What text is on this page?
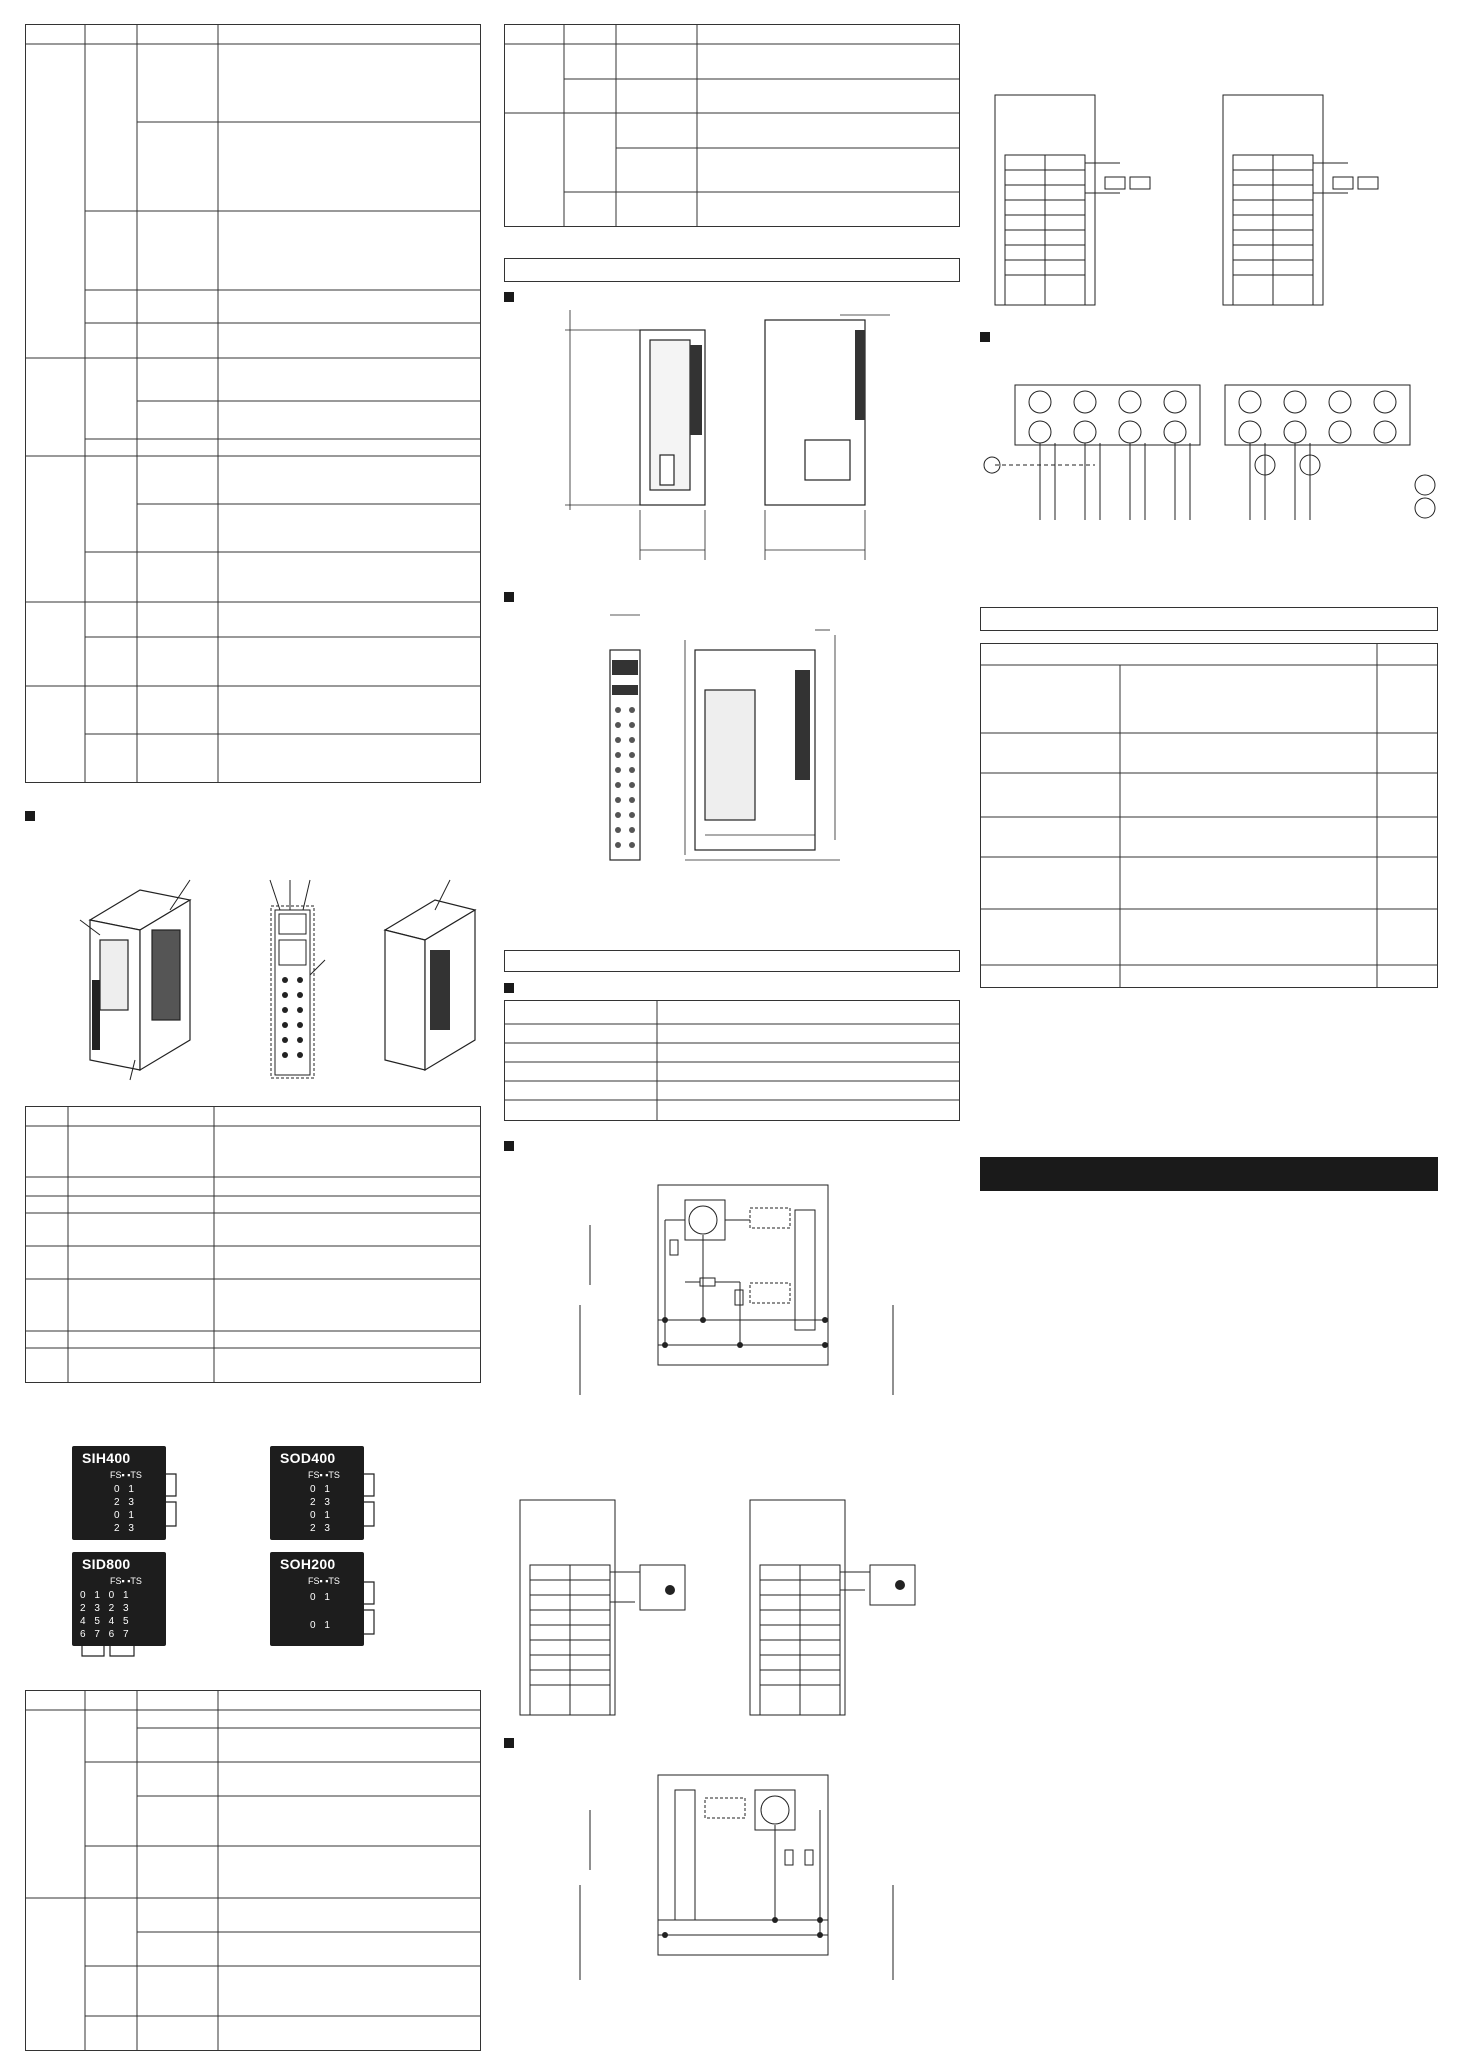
SIH400
FS▪ ▪TS
0 1
2 3
0 1
2 3
SOD400
FS▪ ▪TS
0 1
2 3
0 1
2 3
SID800
FS▪ ▪TS
0 1 0 1
2 3 2 3
4 5 4 5
6 7 6 7
SOH200
FS▪ ▪TS
0 1
0 1
